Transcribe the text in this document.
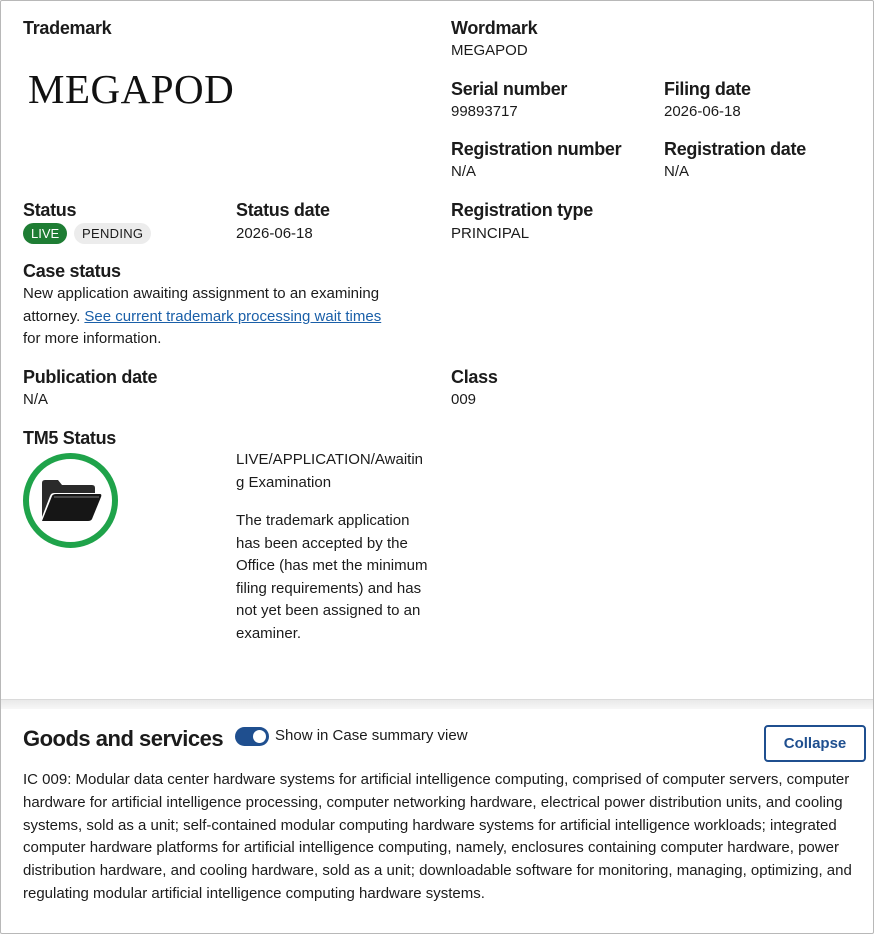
Trademark
MEGAPOD
Wordmark
MEGAPOD
Serial number
99893717
Filing date
2026-06-18
Registration number
N/A
Registration date
N/A
Status
LIVE	PENDING
Status date
2026-06-18
Registration type
PRINCIPAL
Case status
New application awaiting assignment to an examining attorney. See current trademark processing wait times
for more information.
Publication date
N/A
Class
009
TM5 Status
LIVE/APPLICATION/Awaiting Examination
The trademark application has been accepted by the Office (has met the minimum filing requirements) and has not yet been assigned to an examiner.
Goods and services	Show in Case summary view	Collapse
IC 009: Modular data center hardware systems for artificial intelligence computing, comprised of computer servers, computer hardware for artificial intelligence processing, computer networking hardware, electrical power distribution units, and cooling systems, sold as a unit; self-contained modular computing hardware systems for artificial intelligence workloads; integrated computer hardware platforms for artificial intelligence computing, namely, enclosures containing computer hardware, power distribution hardware, and cooling hardware, sold as a unit; downloadable software for monitoring, managing, optimizing, and regulating modular artificial intelligence computing hardware systems.
